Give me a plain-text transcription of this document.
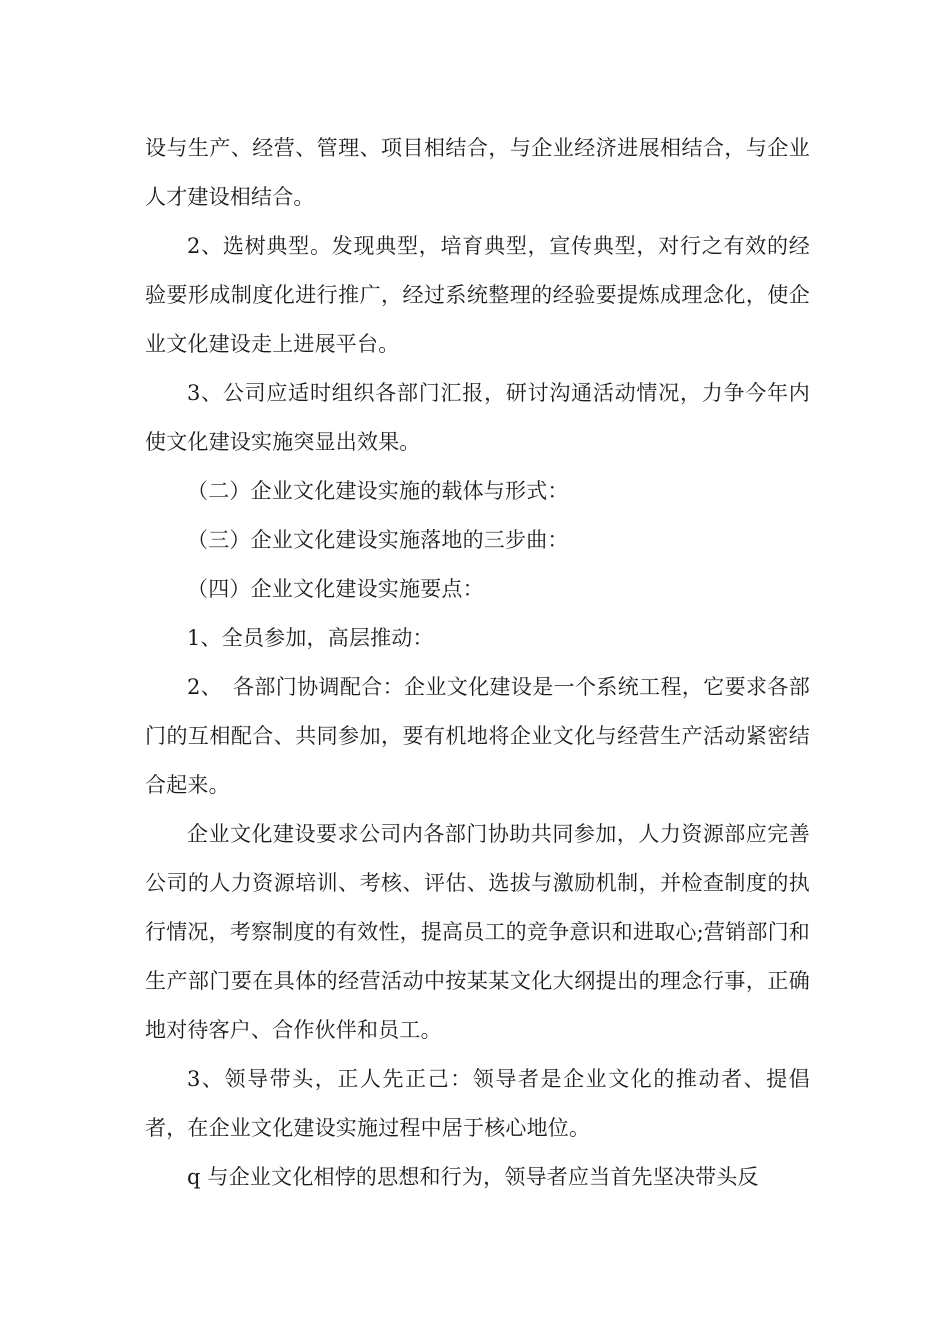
设与生产、经营、管理、项目相结合，与企业经济进展相结合，与企业人才建设相结合。

2、选树典型。发现典型，培育典型，宣传典型，对行之有效的经验要形成制度化进行推广，经过系统整理的经验要提炼成理念化，使企业文化建设走上进展平台。

3、公司应适时组织各部门汇报，研讨沟通活动情况，力争今年内使文化建设实施突显出效果。

（二）企业文化建设实施的载体与形式：

（三）企业文化建设实施落地的三步曲：

（四）企业文化建设实施要点：

1、全员参加，高层推动：

2、　各部门协调配合：企业文化建设是一个系统工程，它要求各部门的互相配合、共同参加，要有机地将企业文化与经营生产活动紧密结合起来。

企业文化建设要求公司内各部门协助共同参加，人力资源部应完善公司的人力资源培训、考核、评估、选拔与激励机制，并检查制度的执行情况，考察制度的有效性，提高员工的竞争意识和进取心;营销部门和生产部门要在具体的经营活动中按某某文化大纲提出的理念行事，正确地对待客户、合作伙伴和员工。

3、领导带头，正人先正己：领导者是企业文化的推动者、提倡者，在企业文化建设实施过程中居于核心地位。

q 与企业文化相悖的思想和行为，领导者应当首先坚决带头反
